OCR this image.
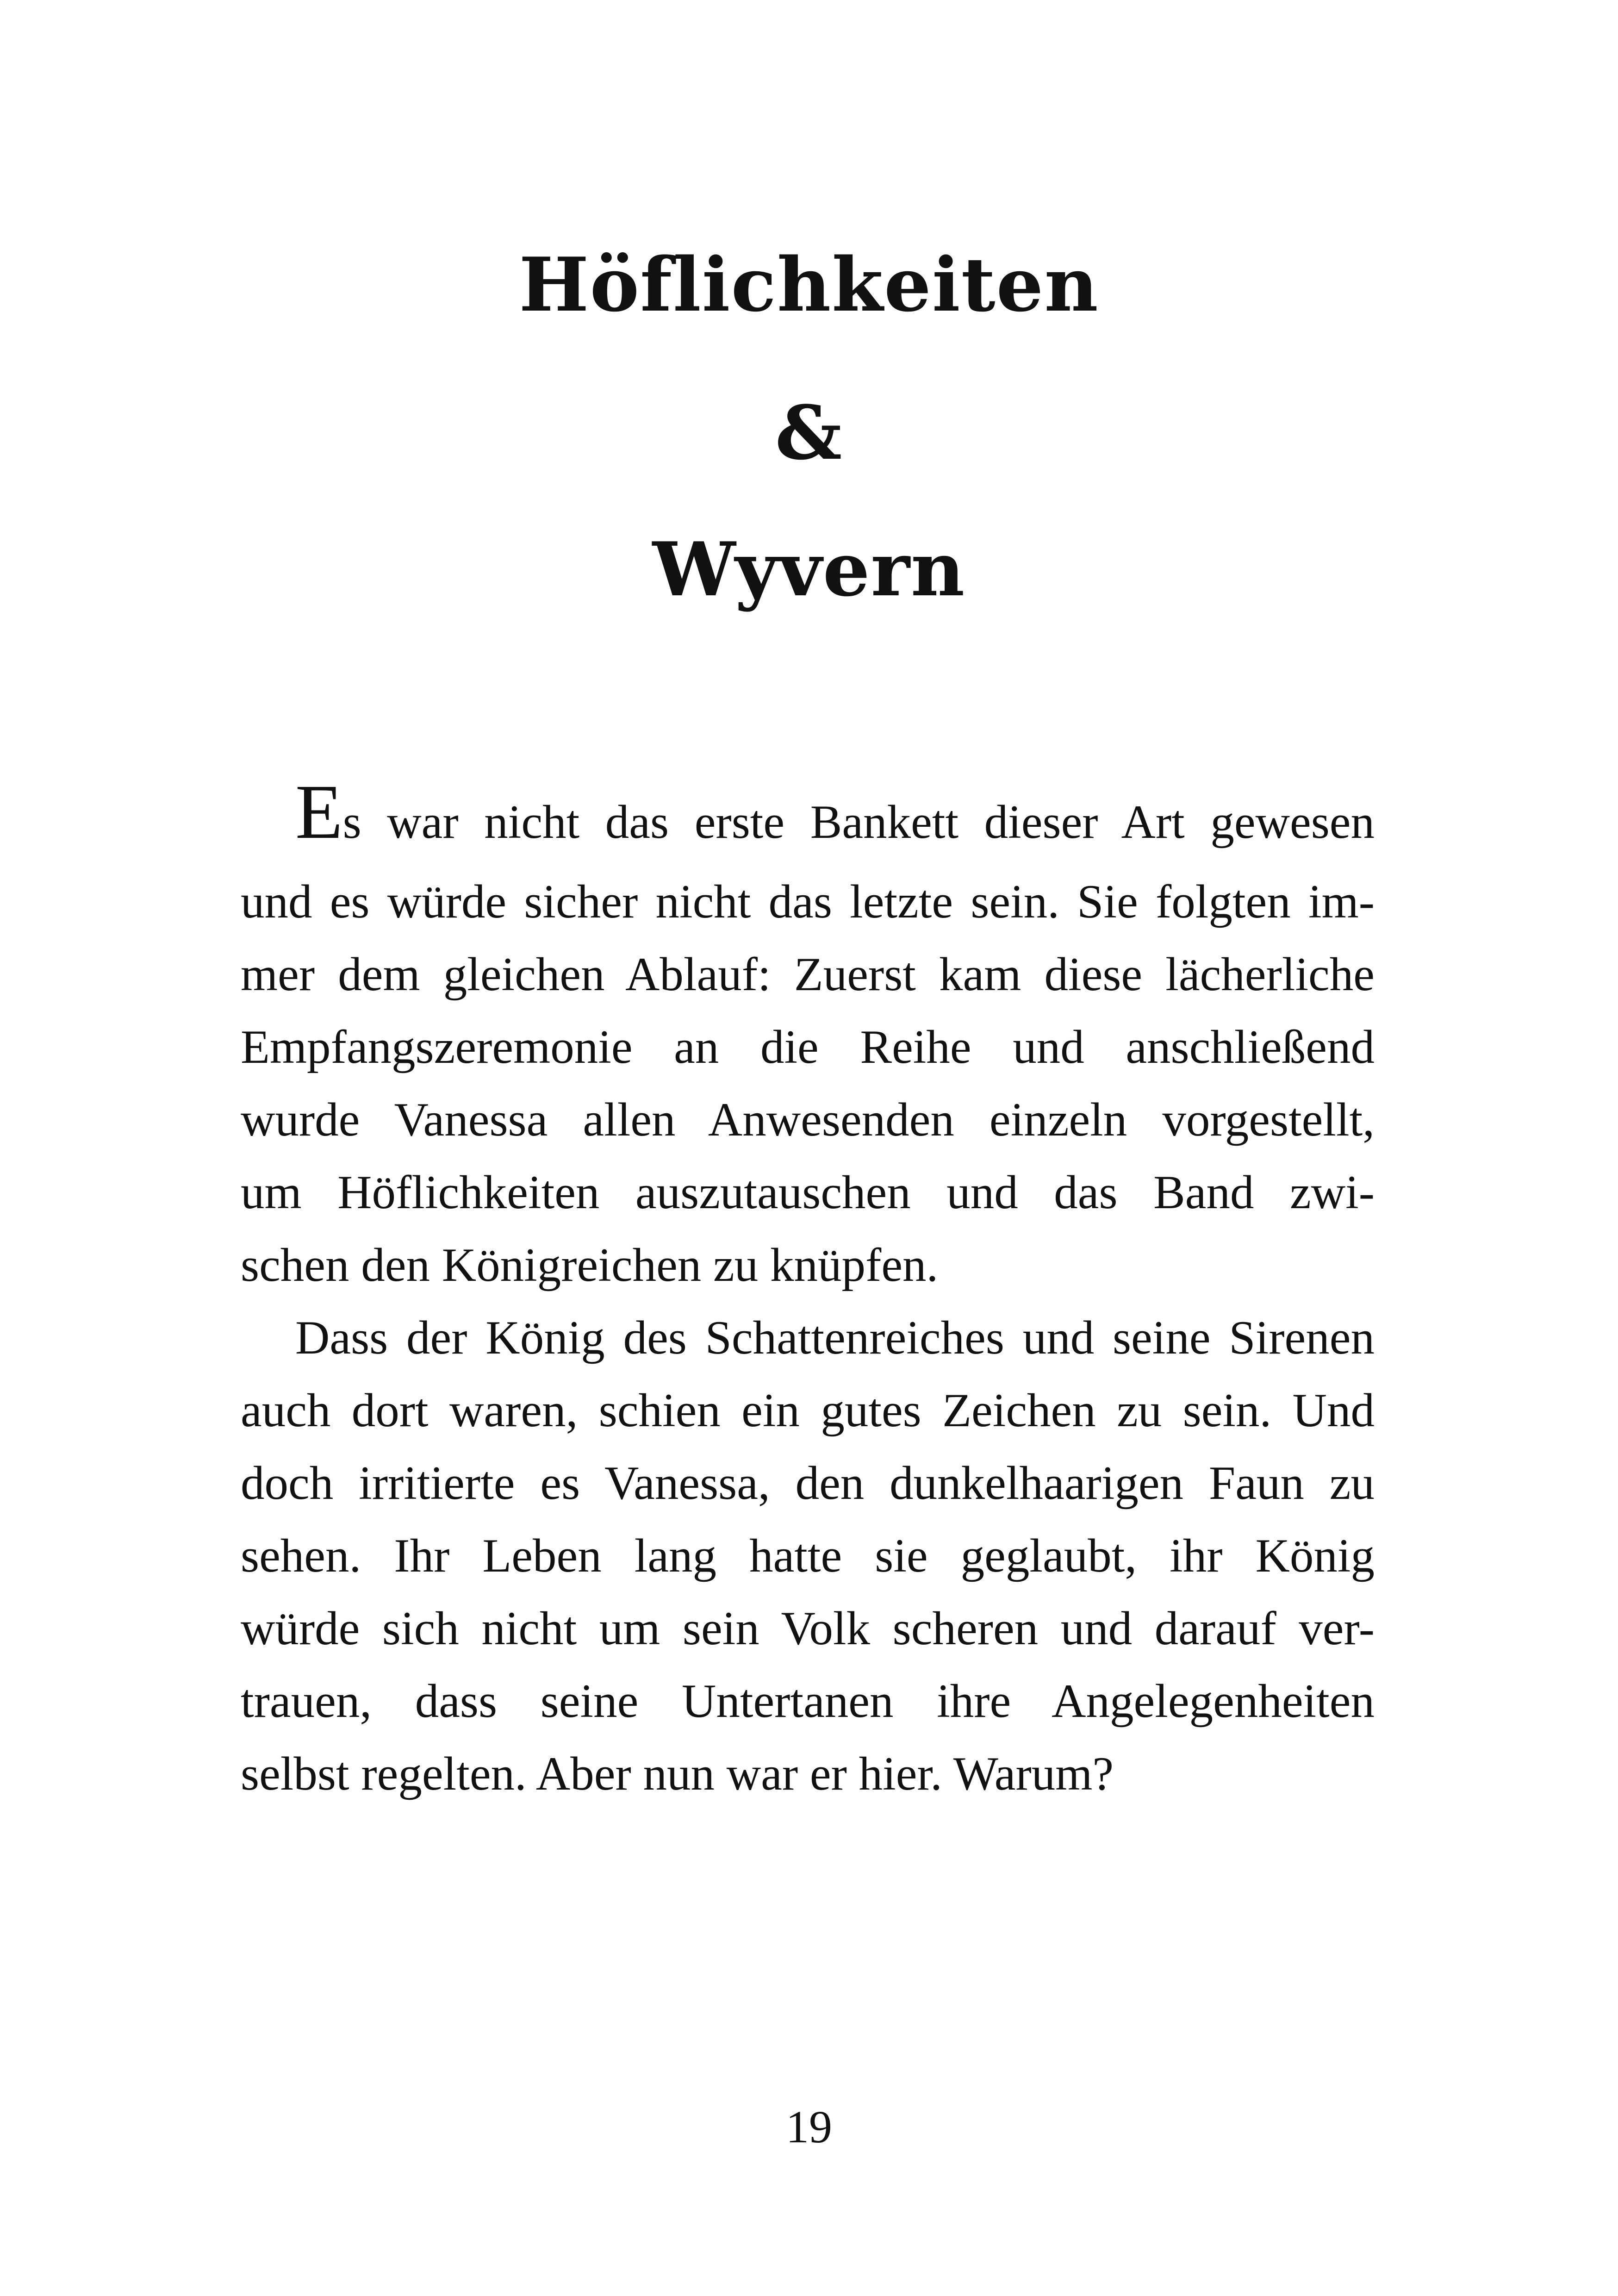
Höflichkeiten
&
Wyvern

Es war nicht das erste Bankett dieser Art gewesen
und es würde sicher nicht das letzte sein. Sie folgten im-
mer dem gleichen Ablauf: Zuerst kam diese lächerliche
Empfangszeremonie an die Reihe und anschließend
wurde Vanessa allen Anwesenden einzeln vorgestellt,
um Höflichkeiten auszutauschen und das Band zwi-
schen den Königreichen zu knüpfen.

Dass der König des Schattenreiches und seine Sirenen
auch dort waren, schien ein gutes Zeichen zu sein. Und
doch irritierte es Vanessa, den dunkelhaarigen Faun zu
sehen. Ihr Leben lang hatte sie geglaubt, ihr König
würde sich nicht um sein Volk scheren und darauf ver-
trauen, dass seine Untertanen ihre Angelegenheiten
selbst regelten. Aber nun war er hier. Warum?

19
